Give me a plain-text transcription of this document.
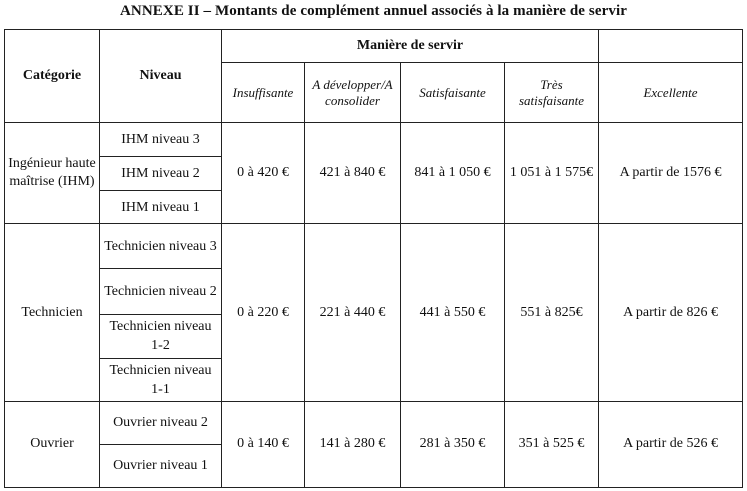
ANNEXE II – Montants de complément annuel associés à la manière de servir
Catégorie	Niveau	Manière de servir				
		Insuffisante	A développer/A consolider	Satisfaisante	Très satisfaisante	Excellente
Ingénieur haute maîtrise (IHM)	IHM niveau 3	0 à 420 €	421 à 840 €	841 à 1 050 €	1 051 à 1 575€	A partir de 1576 €
	IHM niveau 2					
	IHM niveau 1					
Technicien	Technicien niveau 3	0 à 220 €	221 à 440 €	441 à 550 €	551 à 825€	A partir de 826 €
	Technicien niveau 2					
	Technicien niveau 1-2					
	Technicien niveau 1-1					
Ouvrier	Ouvrier niveau 2	0 à 140 €	141 à 280 €	281 à 350 €	351 à 525 €	A partir de 526 €
	Ouvrier niveau 1					
